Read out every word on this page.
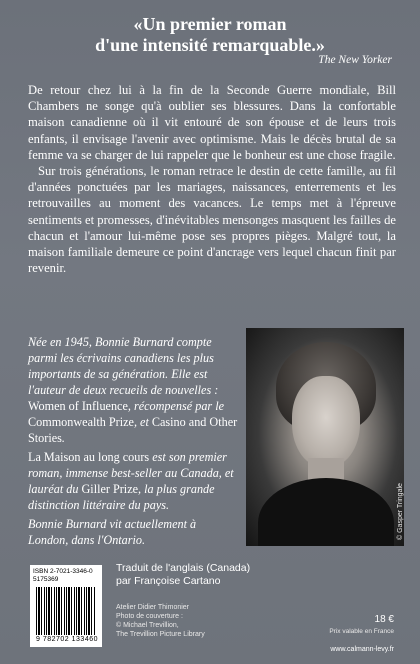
«Un premier roman
d'une intensité remarquable.»
The New Yorker

De retour chez lui à la fin de la Seconde Guerre mondiale, Bill Chambers ne songe qu'à oublier ses blessures. Dans la confortable maison canadienne où il vit entouré de son épouse et de leurs trois enfants, il envisage l'avenir avec optimisme. Mais le décès brutal de sa femme va se charger de lui rappeler que le bonheur est une chose fragile.

Sur trois générations, le roman retrace le destin de cette famille, au fil d'années ponctuées par les mariages, naissances, enterrements et les retrouvailles au moment des vacances. Le temps met à l'épreuve sentiments et promesses, d'inévitables mensonges masquent les failles de chacun et l'amour lui-même pose ses propres pièges. Malgré tout, la maison familiale demeure ce point d'ancrage vers lequel chacun finit par revenir.

Née en 1945, Bonnie Burnard compte parmi les écrivains canadiens les plus importants de sa génération. Elle est l'auteur de deux recueils de nouvelles : Women of Influence, récompensé par le Commonwealth Prize, et Casino and Other Stories.

La Maison au long cours est son premier roman, immense best-seller au Canada, et lauréat du Giller Prize, la plus grande distinction littéraire du pays.

Bonnie Burnard vit actuellement à London, dans l'Ontario.	© Gasper Tringale
ISBN 2-7021-3346-0
5175369
9 782702 133460
Traduit de l'anglais (Canada)
par Françoise Cartano
Atelier Didier Thimonier
Photo de couverture :
© Michael Trevillion,
The Trevillion Picture Library
18 €
Prix valable en France
www.calmann-levy.fr
